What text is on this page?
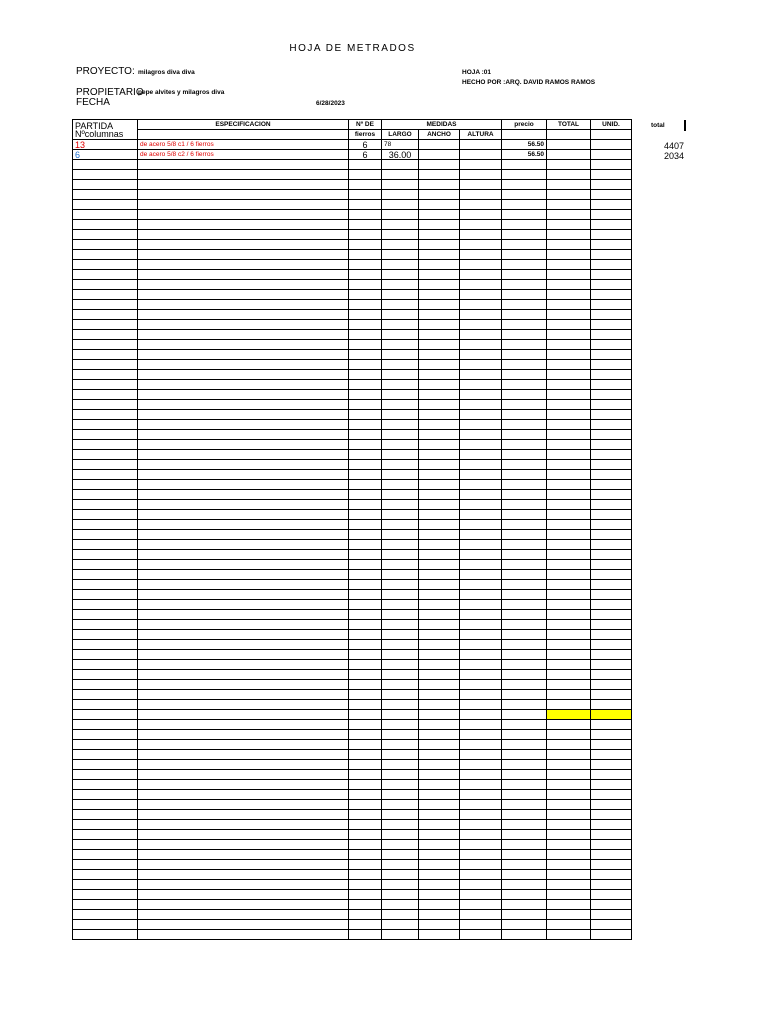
HOJA DE METRADOS
PROYECTO: milagros diva diva
PROPIETARIO
pepe alvites y milagros diva
FECHA	6/28/2023
HOJA :01
HECHO POR :ARQ. DAVID RAMOS RAMOS
total
PARTIDA
Nºcolumnas	ESPECIFICACION	Nº DE	MEDIDAS			precio	TOTAL	UNID.
		fierros	LARGO	ANCHO	ALTURA			
13	de acero 5/8 c1 / 6 fierros	6	78			56.50		
6	de acero 5/8 c2 / 6 fierros	6	36.00			56.50		

4407
2034
